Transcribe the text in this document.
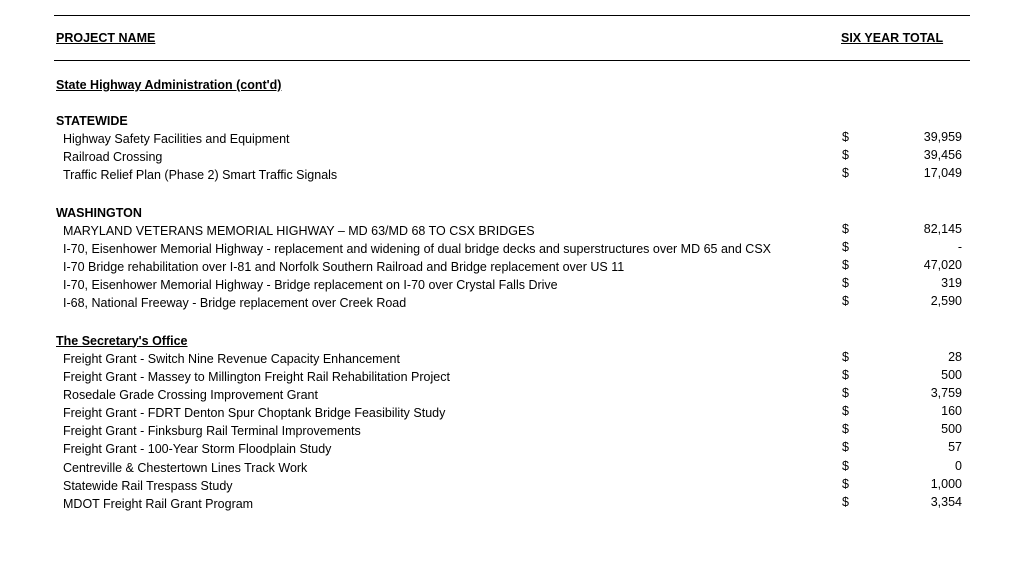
PROJECT NAME	SIX YEAR TOTAL
State Highway Administration (cont'd)
STATEWIDE
Highway Safety Facilities and Equipment	$	39,959
Railroad Crossing	$	39,456
Traffic Relief Plan (Phase 2) Smart Traffic Signals	$	17,049
WASHINGTON
MARYLAND VETERANS MEMORIAL HIGHWAY – MD 63/MD 68 TO CSX BRIDGES	$	82,145
I-70, Eisenhower Memorial Highway - replacement and widening of dual bridge decks and superstructures over MD 65 and CSX	$	-
I-70 Bridge rehabilitation over I-81 and Norfolk Southern Railroad and Bridge replacement over US 11	$	47,020
I-70, Eisenhower Memorial Highway - Bridge replacement on I-70 over Crystal Falls Drive	$	319
I-68, National Freeway - Bridge replacement over Creek Road	$	2,590
The Secretary's Office
Freight Grant - Switch Nine Revenue Capacity Enhancement	$	28
Freight Grant - Massey to Millington Freight Rail Rehabilitation Project	$	500
Rosedale Grade Crossing Improvement Grant	$	3,759
Freight Grant - FDRT Denton Spur Choptank Bridge Feasibility Study	$	160
Freight Grant - Finksburg Rail Terminal Improvements	$	500
Freight Grant - 100-Year Storm Floodplain Study	$	57
Centreville & Chestertown Lines Track Work	$	0
Statewide Rail Trespass Study	$	1,000
MDOT Freight Rail Grant Program	$	3,354
